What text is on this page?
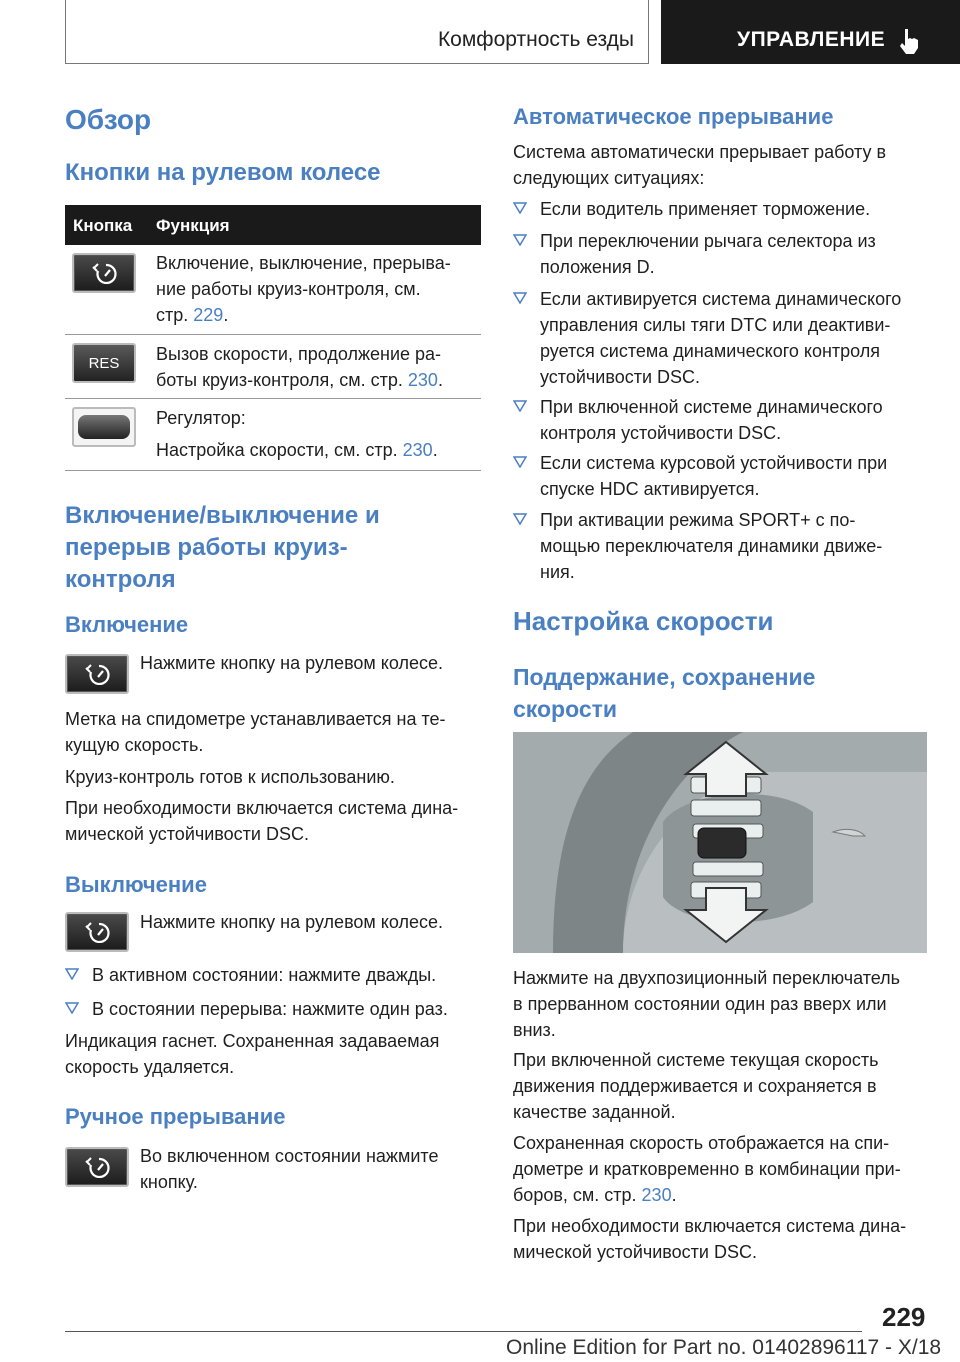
Комфортность езды	УПРАВЛЕНИЕ
Обзор
Кнопки на рулевом колесе
Кнопка Функция
Включение, выключение, прерыва-
ние работы круиз-контроля, см.
стр. 229.
RES	Вызов скорости, продолжение ра-
боты круиз-контроля, см. стр. 230.
Регулятор:
Настройка скорости, см. стр. 230.
Включение/выключение и
перерыв работы круиз-
контроля
Включение
Нажмите кнопку на рулевом колесе.
Метка на спидометре устанавливается на те-
кущую скорость.
Круиз-контроль готов к использованию.
При необходимости включается система дина-
мической устойчивости DSC.
Выключение
Нажмите кнопку на рулевом колесе.
В активном состоянии: нажмите дважды.
В состоянии перерыва: нажмите один раз.
Индикация гаснет. Сохраненная задаваемая
скорость удаляется.
Ручное прерывание
Во включенном состоянии нажмите
кнопку.
Автоматическое прерывание
Система автоматически прерывает работу в
следующих ситуациях:
Если водитель применяет торможение.
При переключении рычага селектора из
положения D.
Если активируется система динамического
управления силы тяги DTC или деактиви-
руется система динамического контроля
устойчивости DSC.
При включенной системе динамического
контроля устойчивости DSC.
Если система курсовой устойчивости при
спуске HDC активируется.
При активации режима SPORT+ с по-
мощью переключателя динамики движе-
ния.
Настройка скорости
Поддержание, сохранение
скорости
Нажмите на двухпозиционный переключатель
в прерванном состоянии один раз вверх или
вниз.
При включенной системе текущая скорость
движения поддерживается и сохраняется в
качестве заданной.
Сохраненная скорость отображается на спи-
дометре и кратковременно в комбинации при-
боров, см. стр. 230.
При необходимости включается система дина-
мической устойчивости DSC.
229
Online Edition for Part no. 01402896117 - X/18
